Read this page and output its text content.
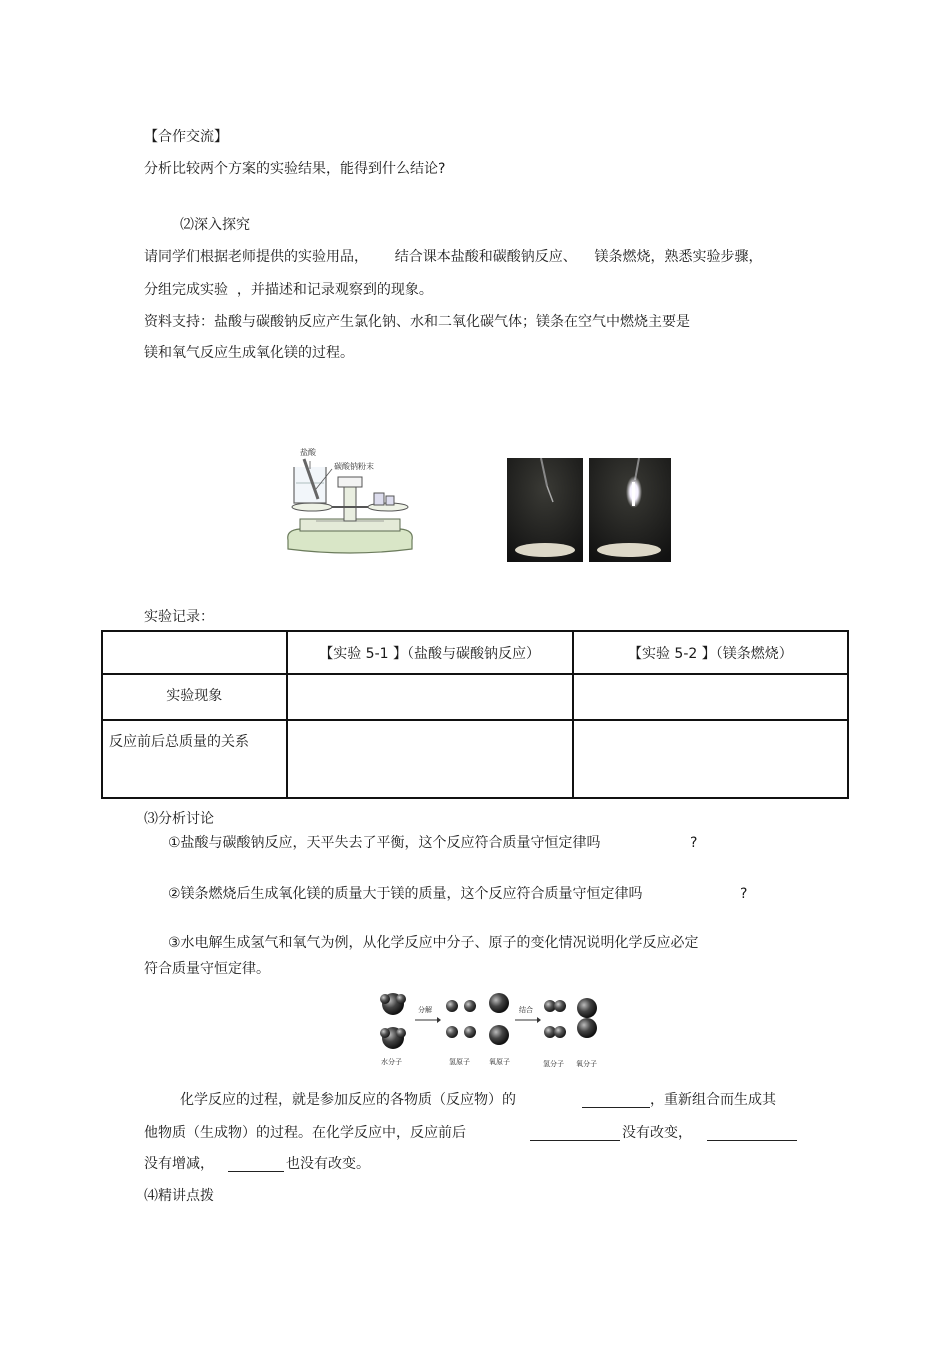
【合作交流】
分析比较两个方案的实验结果，能得到什么结论?
⑵深入探究
请同学们根据老师提供的实验用品，      结合课本盐酸和碳酸钠反应、    镁条燃烧，熟悉实验步骤，
分组完成实验  ，并描述和记录观察到的现象。
资料支持：盐酸与碳酸钠反应产生氯化钠、水和二氧化碳气体；镁条在空气中燃烧主要是
镁和氧气反应生成氧化镁的过程。
盐酸
碳酸钠粉末
实验记录：
	【实验 5-1 】（盐酸与碳酸钠反应）	【实验 5-2 】（镁条燃烧）
实验现象		
反应前后总质量的关系		
⑶分析讨论
①盐酸与碳酸钠反应，天平失去了平衡，这个反应符合质量守恒定律吗	?
②镁条燃烧后生成氧化镁的质量大于镁的质量，这个反应符合质量守恒定律吗	?
③水电解生成氢气和氧气为例，从化学反应中分子、原子的变化情况说明化学反应必定
符合质量守恒定律。
分解	结合
水分子	氢原子	氧原子	氢分子 氧分子
化学反应的过程，就是参加反应的各物质（反应物）的	，重新组合而生成其
他物质（生成物）的过程。在化学反应中，反应前后	没有改变，
没有增减，	也没有改变。
⑷精讲点拨
